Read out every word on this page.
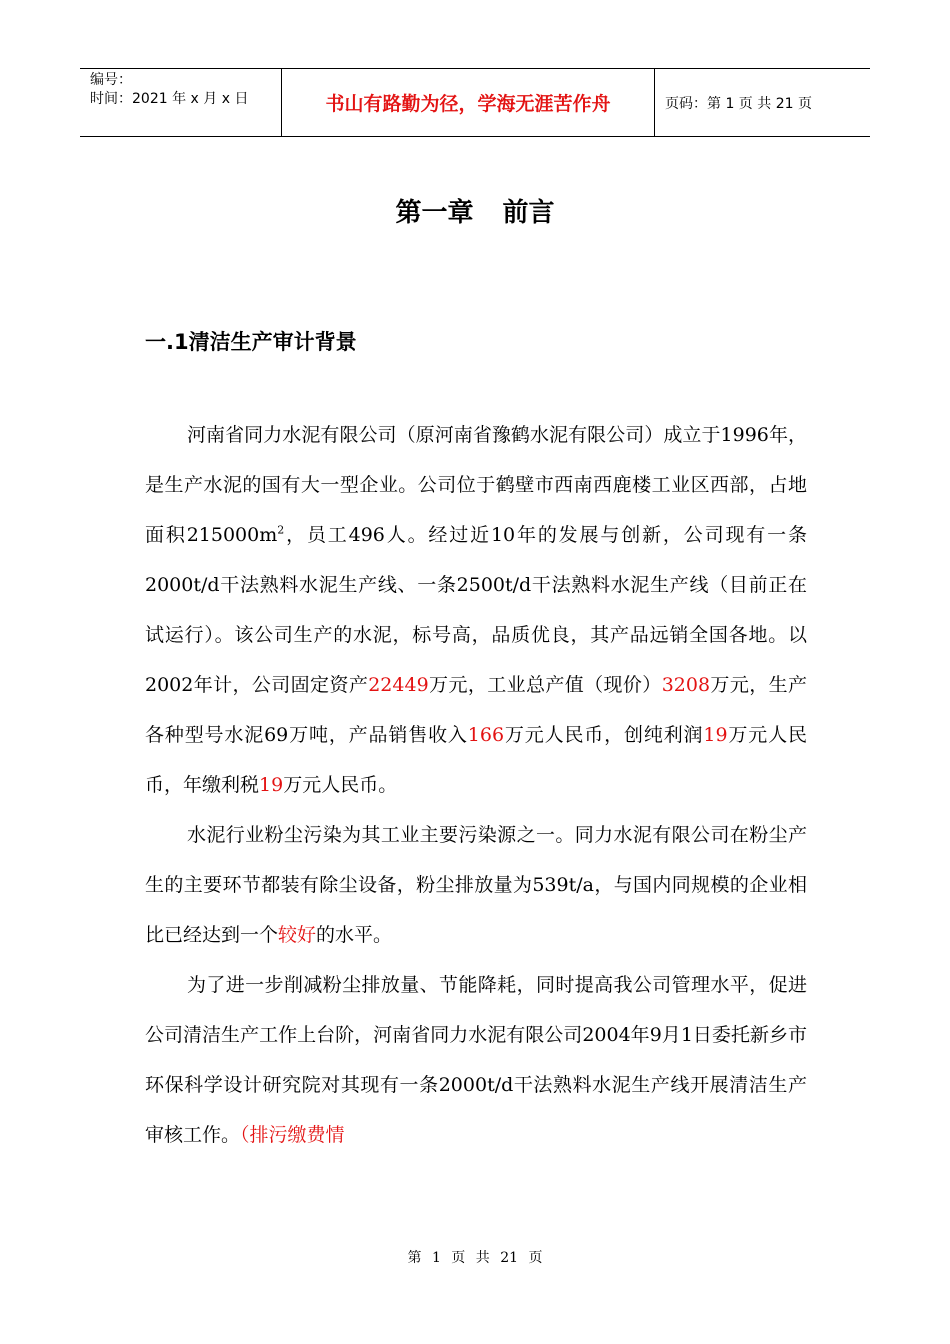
编号：
时间：2021 年 x 月 x 日	书山有路勤为径，学海无涯苦作舟	页码：第 1 页 共 21 页
第一章 前言
一.1清洁生产审计背景

河南省同力水泥有限公司（原河南省豫鹤水泥有限公司）成立于1996年，是生产水泥的国有大一型企业。公司位于鹤壁市西南西鹿楼工业区西部，占地面积$215000m^2$，员工496人。经过近10年的发展与创新，公司现有一条2000t/d干法熟料水泥生产线、一条2500t/d干法熟料水泥生产线（目前正在试运行）。该公司生产的水泥，标号高，品质优良，其产品远销全国各地。以2002年计，公司固定资产22449万元，工业总产值（现价）3208万元，生产各种型号水泥69万吨，产品销售收入166万元人民币，创纯利润19万元人民币，年缴利税19万元人民币。

水泥行业粉尘污染为其工业主要污染源之一。同力水泥有限公司在粉尘产生的主要环节都装有除尘设备，粉尘排放量为539t/a，与国内同规模的企业相比已经达到一个较好的水平。

为了进一步削减粉尘排放量、节能降耗，同时提高我公司管理水平，促进公司清洁生产工作上台阶，河南省同力水泥有限公司2004年9月1日委托新乡市环保科学设计研究院对其现有一条2000t/d干法熟料水泥生产线开展清洁生产审核工作。（排污缴费情

第 1 页 共 21 页
